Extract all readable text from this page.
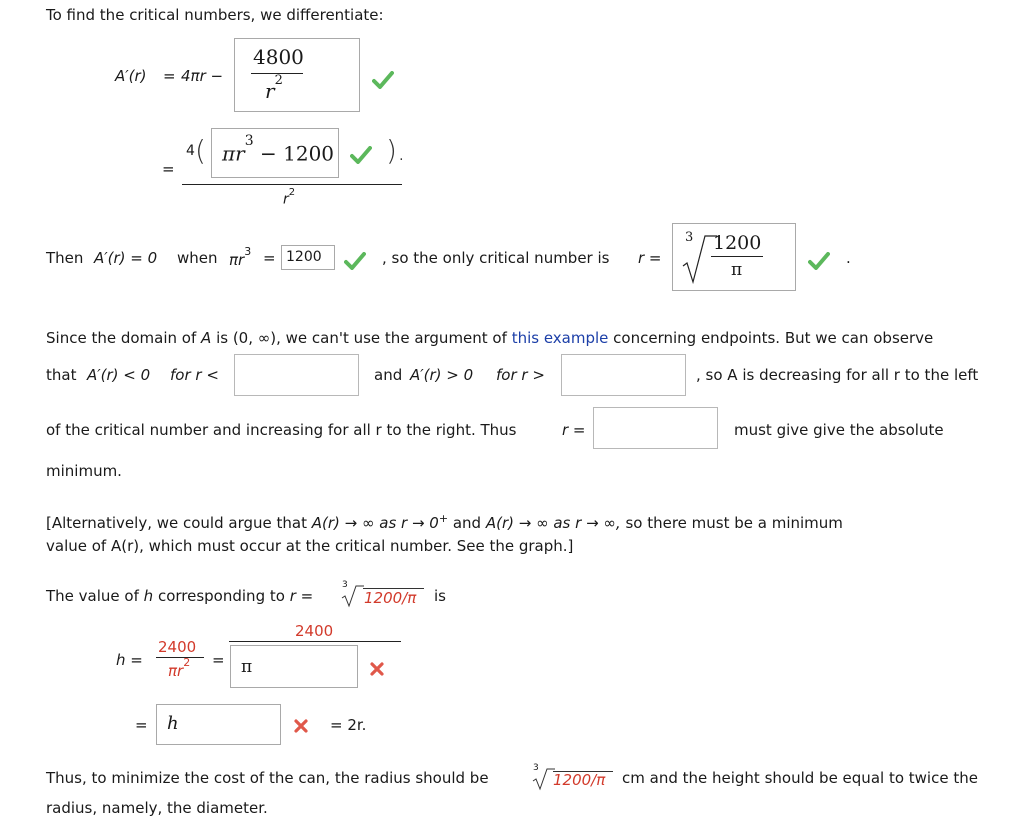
To find the critical numbers, we differentiate:
A′(r) = 4πr −
4800
$r^2$
=
4 ( $\pi r^3 - 1200$ ).
$r^2$
Then A′(r) = 0 when $\pi r^3 = 1200$	, so the only critical number is r =
3 1200
π
.
Since the domain of A is (0, ∞), we can't use the argument of this example concerning endpoints. But we can observe
that A′(r) < 0 for r <	and A′(r) > 0 for r >	, so A is decreasing for all r to the left
of the critical number and increasing for all r to the right. Thus	r =	must give give the absolute
minimum.
[Alternatively, we could argue that A(r) → ∞ as r → 0+ and A(r) → ∞ as r → ∞, so there must be a minimum
value of A(r), which must occur at the critical number. See the graph.]
The value of h corresponding to r =
3
1200/π is
h =
2400
$\pi r^2$ =
2400
π
= h	= 2r.
Thus, to minimize the cost of the can, the radius should be
3
1200/π cm and the height should be equal to twice the
radius, namely, the diameter.
